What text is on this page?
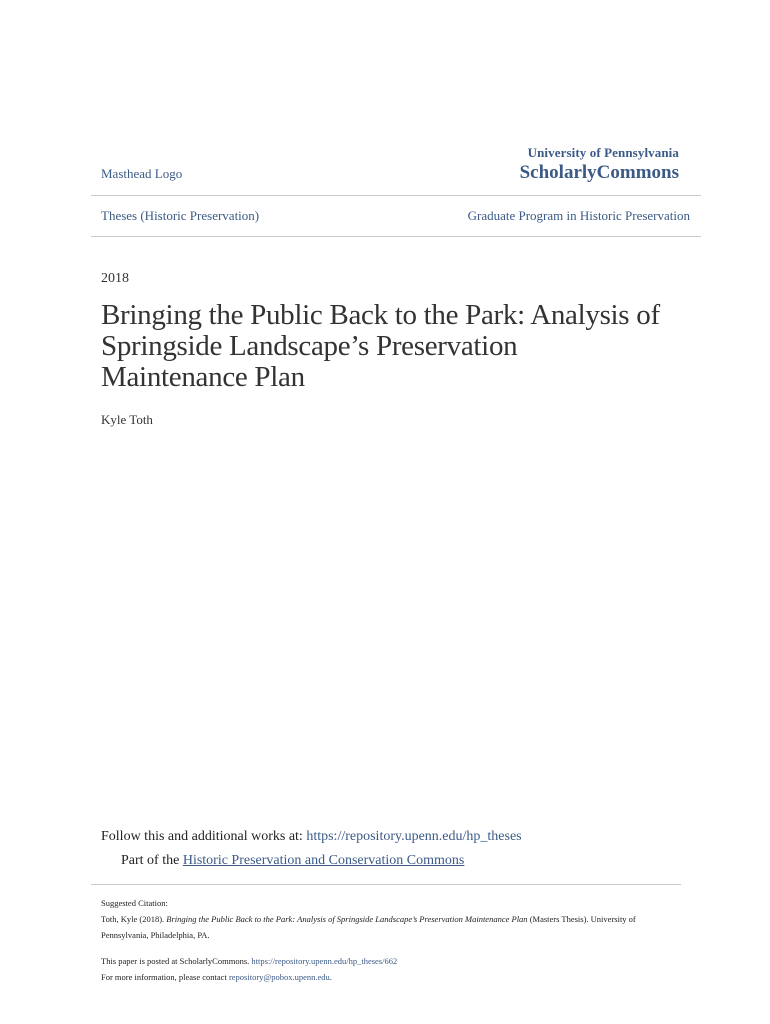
Masthead Logo
University of Pennsylvania
ScholarlyCommons
Theses (Historic Preservation)	Graduate Program in Historic Preservation
2018
Bringing the Public Back to the Park: Analysis of Springside Landscape’s Preservation Maintenance Plan
Kyle Toth
Follow this and additional works at: https://repository.upenn.edu/hp_theses
Part of the Historic Preservation and Conservation Commons
Suggested Citation:
Toth, Kyle (2018). Bringing the Public Back to the Park: Analysis of Springside Landscape’s Preservation Maintenance Plan (Masters Thesis). University of Pennsylvania, Philadelphia, PA.
This paper is posted at ScholarlyCommons. https://repository.upenn.edu/hp_theses/662
For more information, please contact repository@pobox.upenn.edu.
